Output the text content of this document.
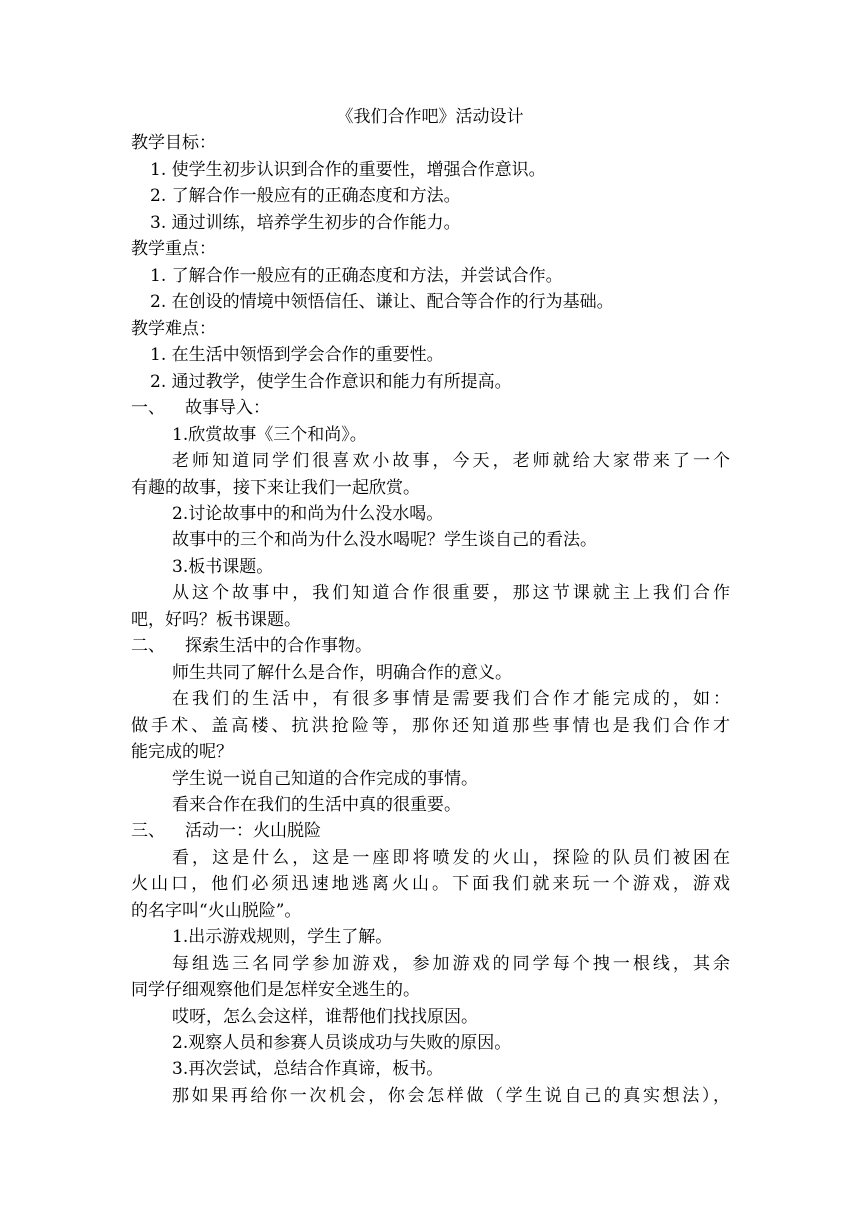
《我们合作吧》活动设计
教学目标：
1. 使学生初步认识到合作的重要性，增强合作意识。
2. 了解合作一般应有的正确态度和方法。
3. 通过训练，培养学生初步的合作能力。
教学重点：
1. 了解合作一般应有的正确态度和方法，并尝试合作。
2. 在创设的情境中领悟信任、谦让、配合等合作的行为基础。
教学难点：
1. 在生活中领悟到学会合作的重要性。
2. 通过教学，使学生合作意识和能力有所提高。
一、 故事导入：
1.欣赏故事《三个和尚》。
老师知道同学们很喜欢小故事，今天，老师就给大家带来了一个
有趣的故事，接下来让我们一起欣赏。
2.讨论故事中的和尚为什么没水喝。
故事中的三个和尚为什么没水喝呢？学生谈自己的看法。
3.板书课题。
从这个故事中，我们知道合作很重要，那这节课就主上我们合作
吧，好吗？板书课题。
二、 探索生活中的合作事物。
师生共同了解什么是合作，明确合作的意义。
在我们的生活中，有很多事情是需要我们合作才能完成的，如：
做手术、盖高楼、抗洪抢险等，那你还知道那些事情也是我们合作才
能完成的呢？
学生说一说自己知道的合作完成的事情。
看来合作在我们的生活中真的很重要。
三、 活动一：火山脱险
看，这是什么，这是一座即将喷发的火山，探险的队员们被困在
火山口，他们必须迅速地逃离火山。下面我们就来玩一个游戏，游戏
的名字叫“火山脱险”。
1.出示游戏规则，学生了解。
每组选三名同学参加游戏，参加游戏的同学每个拽一根线，其余
同学仔细观察他们是怎样安全逃生的。
哎呀，怎么会这样，谁帮他们找找原因。
2.观察人员和参赛人员谈成功与失败的原因。
3.再次尝试，总结合作真谛，板书。
那如果再给你一次机会，你会怎样做（学生说自己的真实想法），
